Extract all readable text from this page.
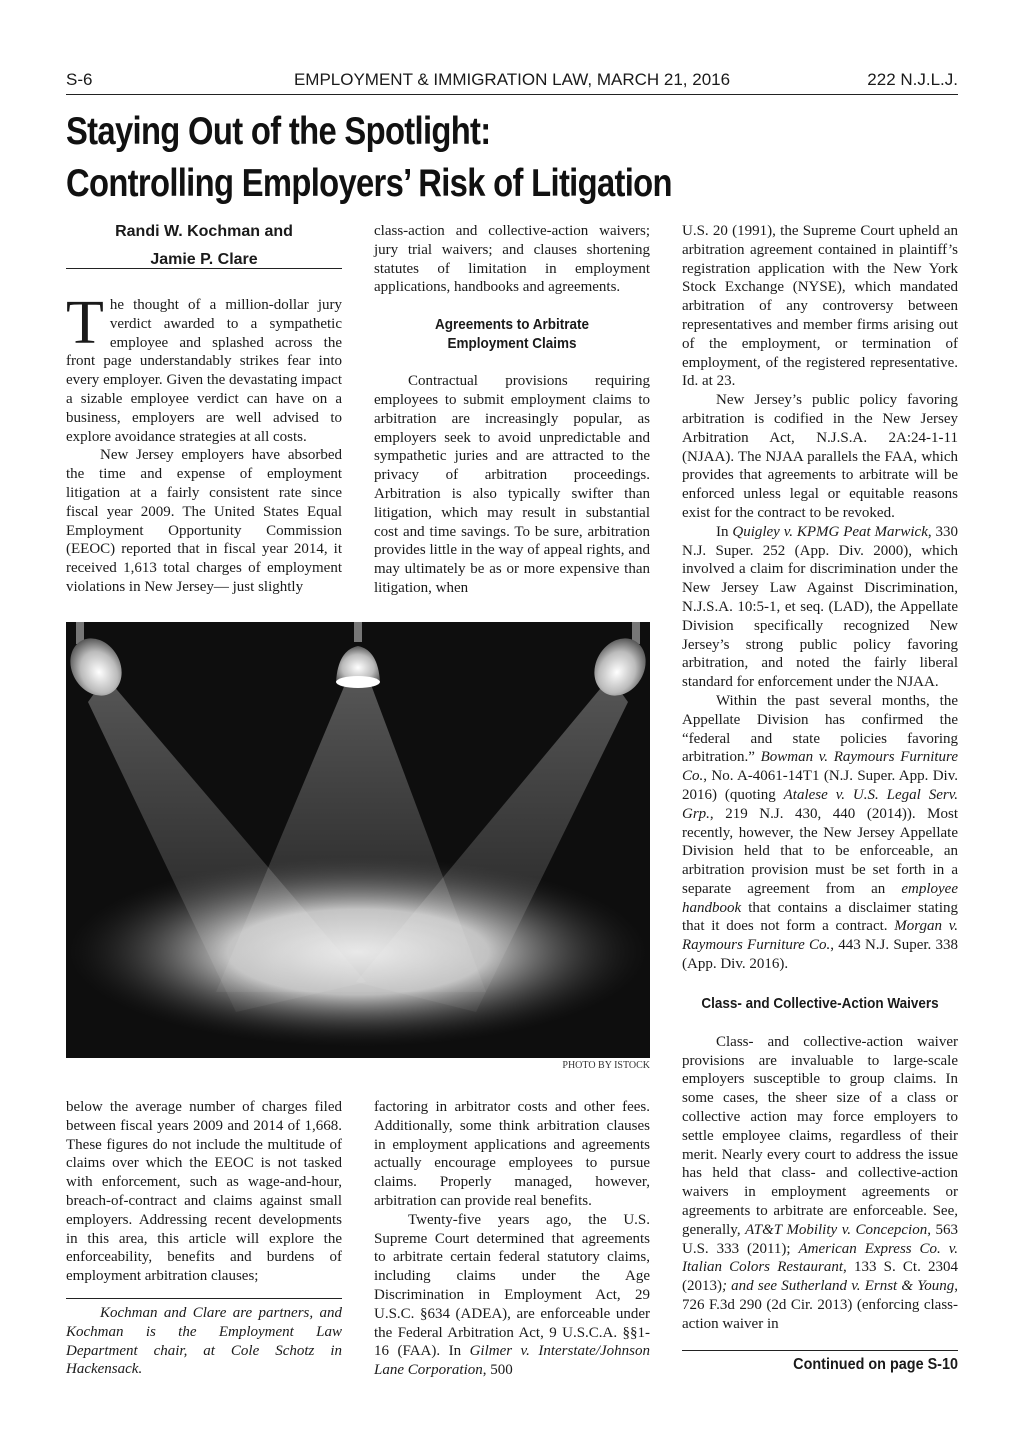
S-6	EMPLOYMENT & IMMIGRATION LAW, MARCH 21, 2016	222 N.J.L.J.
Staying Out of the Spotlight:
Controlling Employers’ Risk of Litigation
Randi W. Kochman and
Jamie P. Clare

The thought of a million-dollar jury verdict awarded to a sympathetic employee and splashed across the front page understandably strikes fear into every employer. Given the devastating impact a sizable employee verdict can have on a business, employers are well advised to explore avoidance strategies at all costs.

New Jersey employers have absorbed the time and expense of employment litigation at a fairly consistent rate since fiscal year 2009. The United States Equal Employment Opportunity Commission (EEOC) reported that in fiscal year 2014, it received 1,613 total charges of employment violations in New Jersey— just slightly

class-action and collective-action waivers; jury trial waivers; and clauses shortening statutes of limitation in employment applications, handbooks and agreements.

Agreements to Arbitrate
Employment Claims

Contractual provisions requiring employees to submit employment claims to arbitration are increasingly popular, as employers seek to avoid unpredictable and sympathetic juries and are attracted to the privacy of arbitration proceedings. Arbitration is also typically swifter than litigation, which may result in substantial cost and time savings. To be sure, arbitration provides little in the way of appeal rights, and may ultimately be as or more expensive than litigation, when

U.S. 20 (1991), the Supreme Court upheld an arbitration agreement contained in plaintiff’s registration application with the New York Stock Exchange (NYSE), which mandated arbitration of any controversy between representatives and member firms arising out of the employment, or termination of employment, of the registered representative. Id. at 23.

New Jersey’s public policy favoring arbitration is codified in the New Jersey Arbitration Act, N.J.S.A. 2A:24-1-11 (NJAA). The NJAA parallels the FAA, which provides that agreements to arbitrate will be enforced unless legal or equitable reasons exist for the contract to be revoked.

In Quigley v. KPMG Peat Marwick, 330 N.J. Super. 252 (App. Div. 2000), which involved a claim for discrimination under the New Jersey Law Against Discrimination, N.J.S.A. 10:5-1, et seq. (LAD), the Appellate Division specifically recognized New Jersey’s strong public policy favoring arbitration, and noted the fairly liberal standard for enforcement under the NJAA.

Within the past several months, the Appellate Division has confirmed the “federal and state policies favoring arbitration.” Bowman v. Raymours Furniture Co., No. A-4061-14T1 (N.J. Super. App. Div. 2016) (quoting Atalese v. U.S. Legal Serv. Grp., 219 N.J. 430, 440 (2014)). Most recently, however, the New Jersey Appellate Division held that to be enforceable, an arbitration provision must be set forth in a separate agreement from an employee handbook that contains a disclaimer stating that it does not form a contract. Morgan v. Raymours Furniture Co., 443 N.J. Super. 338 (App. Div. 2016).

Class- and Collective-Action Waivers

Class- and collective-action waiver provisions are invaluable to large-scale employers susceptible to group claims. In some cases, the sheer size of a class or collective action may force employers to settle employee claims, regardless of their merit. Nearly every court to address the issue has held that class- and collective-action waivers in employment agreements or agreements to arbitrate are enforceable. See, generally, AT&T Mobility v. Concepcion, 563 U.S. 333 (2011); American Express Co. v. Italian Colors Restaurant, 133 S. Ct. 2304 (2013); and see Sutherland v. Ernst & Young, 726 F.3d 290 (2d Cir. 2013) (enforcing class-action waiver in

PHOTO BY ISTOCK

below the average number of charges filed between fiscal years 2009 and 2014 of 1,668. These figures do not include the multitude of claims over which the EEOC is not tasked with enforcement, such as wage-and-hour, breach-of-contract and claims against small employers. Addressing recent developments in this area, this article will explore the enforceability, benefits and burdens of employment arbitration clauses;

factoring in arbitrator costs and other fees. Additionally, some think arbitration clauses in employment applications and agreements actually encourage employees to pursue claims. Properly managed, however, arbitration can provide real benefits.

Twenty-five years ago, the U.S. Supreme Court determined that agreements to arbitrate certain federal statutory claims, including claims under the Age Discrimination in Employment Act, 29 U.S.C. §634 (ADEA), are enforceable under the Federal Arbitration Act, 9 U.S.C.A. §§1-16 (FAA). In Gilmer v. Interstate/Johnson Lane Corporation, 500

Kochman and Clare are partners, and Kochman is the Employment Law Department chair, at Cole Schotz in Hackensack.	Continued on page S-10
